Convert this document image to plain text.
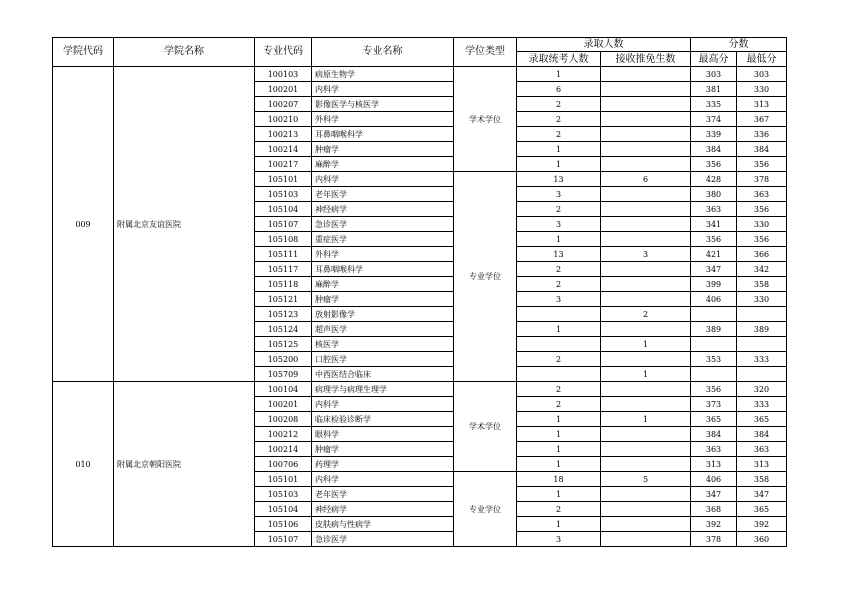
学院代码	学院名称	专业代码	专业名称	学位类型	录取人数		分数	
					录取统考人数	接收推免生数	最高分	最低分
009	附属北京友谊医院	100103	病原生物学	学术学位	1		303	303
		100201	内科学		6		381	330
		100207	影像医学与核医学		2		335	313
		100210	外科学		2		374	367
		100213	耳鼻咽喉科学		2		339	336
		100214	肿瘤学		1		384	384
		100217	麻醉学		1		356	356
		105101	内科学	专业学位	13	6	428	378
		105103	老年医学		3		380	363
		105104	神经病学		2		363	356
		105107	急诊医学		3		341	330
		105108	重症医学		1		356	356
		105111	外科学		13	3	421	366
		105117	耳鼻咽喉科学		2		347	342
		105118	麻醉学		2		399	358
		105121	肿瘤学		3		406	330
		105123	放射影像学			2		
		105124	超声医学		1		389	389
		105125	核医学			1		
		105200	口腔医学		2		353	333
		105709	中西医结合临床			1		
010	附属北京朝阳医院	100104	病理学与病理生理学	学术学位	2		356	320
		100201	内科学		2		373	333
		100208	临床检验诊断学		1	1	365	365
		100212	眼科学		1		384	384
		100214	肿瘤学		1		363	363
		100706	药理学		1		313	313
		105101	内科学	专业学位	18	5	406	358
		105103	老年医学		1		347	347
		105104	神经病学		2		368	365
		105106	皮肤病与性病学		1		392	392
		105107	急诊医学		3		378	360
